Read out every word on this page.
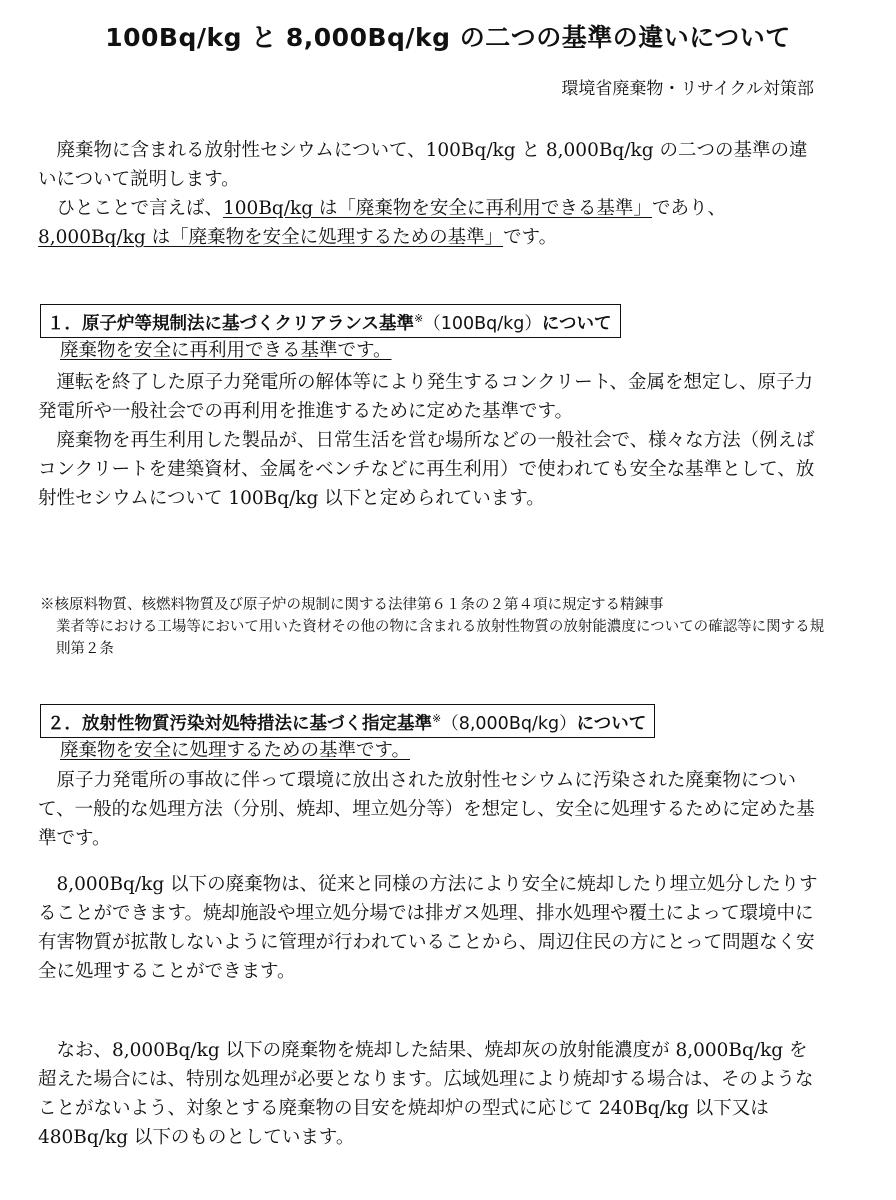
100Bq/kg と 8,000Bq/kg の二つの基準の違いについて
環境省廃棄物・リサイクル対策部

廃棄物に含まれる放射性セシウムについて、100Bq/kg と 8,000Bq/kg の二つの基準の違いについて説明します。

ひとことで言えば、100Bq/kg は「廃棄物を安全に再利用できる基準」であり、8,000Bq/kg は「廃棄物を安全に処理するための基準」です。

１．原子炉等規制法に基づくクリアランス基準※（100Bq/kg）について
廃棄物を安全に再利用できる基準です。

運転を終了した原子力発電所の解体等により発生するコンクリート、金属を想定し、原子力発電所や一般社会での再利用を推進するために定めた基準です。

廃棄物を再生利用した製品が、日常生活を営む場所などの一般社会で、様々な方法（例えばコンクリートを建築資材、金属をベンチなどに再生利用）で使われても安全な基準として、放射性セシウムについて 100Bq/kg 以下と定められています。

※核原料物質、核燃料物質及び原子炉の規制に関する法律第６１条の２第４項に規定する精錬事
業者等における工場等において用いた資材その他の物に含まれる放射性物質の放射能濃度についての確認等に関する規則第２条

２．放射性物質汚染対処特措法に基づく指定基準※（8,000Bq/kg）について
廃棄物を安全に処理するための基準です。

原子力発電所の事故に伴って環境に放出された放射性セシウムに汚染された廃棄物について、一般的な処理方法（分別、焼却、埋立処分等）を想定し、安全に処理するために定めた基準です。

8,000Bq/kg 以下の廃棄物は、従来と同様の方法により安全に焼却したり埋立処分したりすることができます。焼却施設や埋立処分場では排ガス処理、排水処理や覆土によって環境中に有害物質が拡散しないように管理が行われていることから、周辺住民の方にとって問題なく安全に処理することができます。

なお、8,000Bq/kg 以下の廃棄物を焼却した結果、焼却灰の放射能濃度が 8,000Bq/kg を超えた場合には、特別な処理が必要となります。広域処理により焼却する場合は、そのようなことがないよう、対象とする廃棄物の目安を焼却炉の型式に応じて 240Bq/kg 以下又は 480Bq/kg 以下のものとしています。
